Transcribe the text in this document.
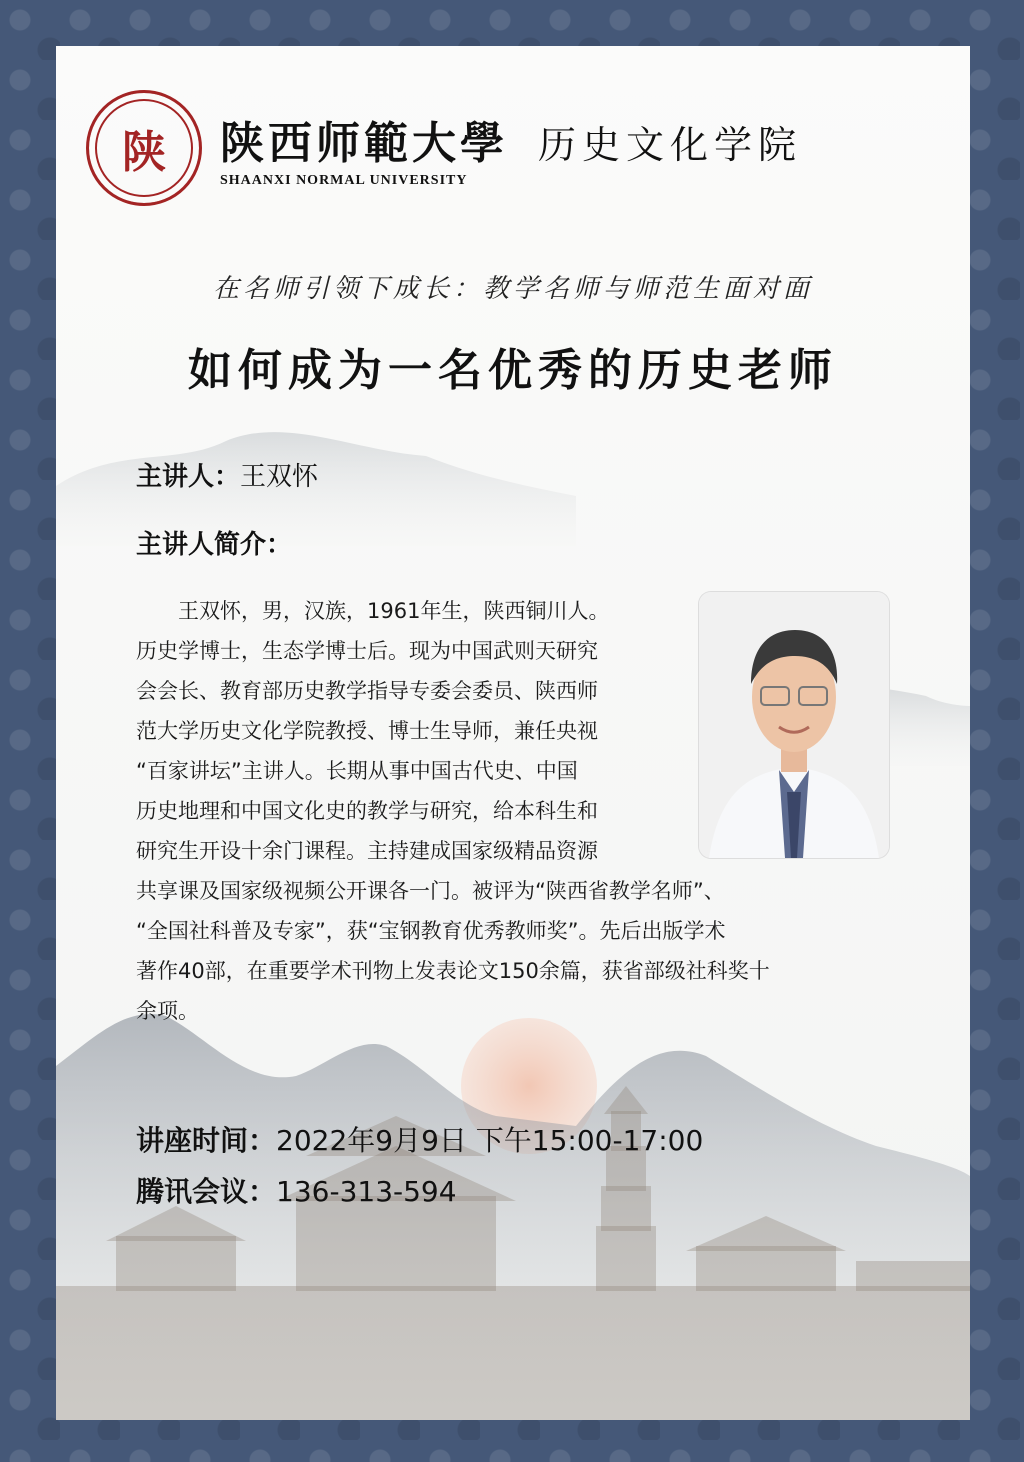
陕	陕西师範大學
SHAANXI NORMAL UNIVERSITY
历史文化学院
在名师引领下成长：教学名师与师范生面对面
如何成为一名优秀的历史老师
主讲人：王双怀
主讲人简介：
王双怀，男，汉族，1961年生，陕西铜川人。
历史学博士，生态学博士后。现为中国武则天研究
会会长、教育部历史教学指导专委会委员、陕西师
范大学历史文化学院教授、博士生导师，兼任央视
“百家讲坛”主讲人。长期从事中国古代史、中国
历史地理和中国文化史的教学与研究，给本科生和
研究生开设十余门课程。主持建成国家级精品资源
共享课及国家级视频公开课各一门。被评为“陕西省教学名师”、
“全国社科普及专家”，获“宝钢教育优秀教师奖”。先后出版学术
著作40部，在重要学术刊物上发表论文150余篇，获省部级社科奖十
余项。
讲座时间：2022年9月9日 下午15:00-17:00
腾讯会议：136-313-594
